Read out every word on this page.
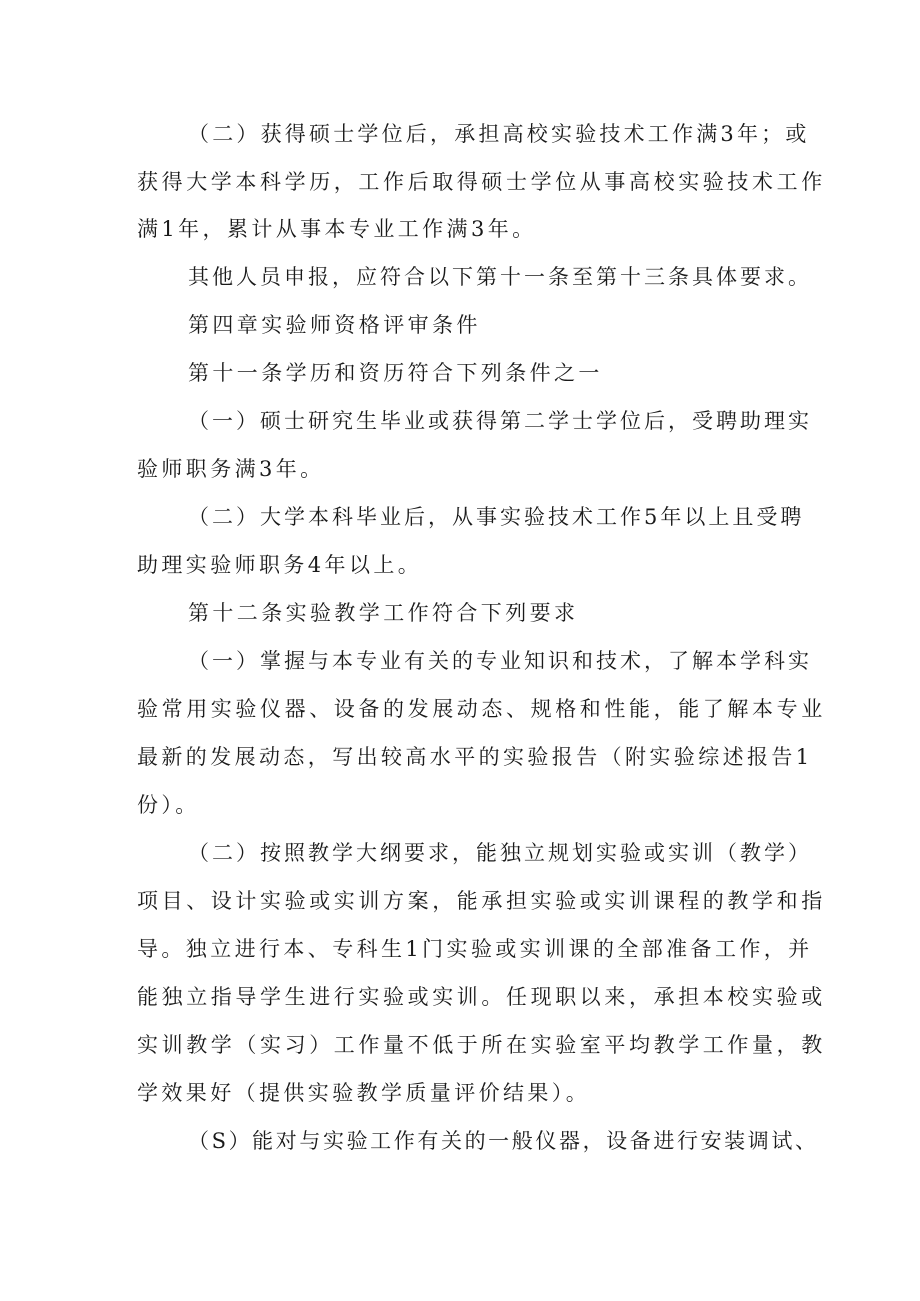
（二）获得硕士学位后，承担高校实验技术工作满3年；或
获得大学本科学历，工作后取得硕士学位从事高校实验技术工作
满1年，累计从事本专业工作满3年。
其他人员申报，应符合以下第十一条至第十三条具体要求。
第四章实验师资格评审条件
第十一条学历和资历符合下列条件之一
（一）硕士研究生毕业或获得第二学士学位后，受聘助理实
验师职务满3年。
（二）大学本科毕业后，从事实验技术工作5年以上且受聘
助理实验师职务4年以上。
第十二条实验教学工作符合下列要求
（一）掌握与本专业有关的专业知识和技术，了解本学科实
验常用实验仪器、设备的发展动态、规格和性能，能了解本专业
最新的发展动态，写出较高水平的实验报告（附实验综述报告1
份）。
（二）按照教学大纲要求，能独立规划实验或实训（教学）
项目、设计实验或实训方案，能承担实验或实训课程的教学和指
导。独立进行本、专科生1门实验或实训课的全部准备工作，并
能独立指导学生进行实验或实训。任现职以来，承担本校实验或
实训教学（实习）工作量不低于所在实验室平均教学工作量，教
学效果好（提供实验教学质量评价结果）。
（S）能对与实验工作有关的一般仪器，设备进行安装调试、
